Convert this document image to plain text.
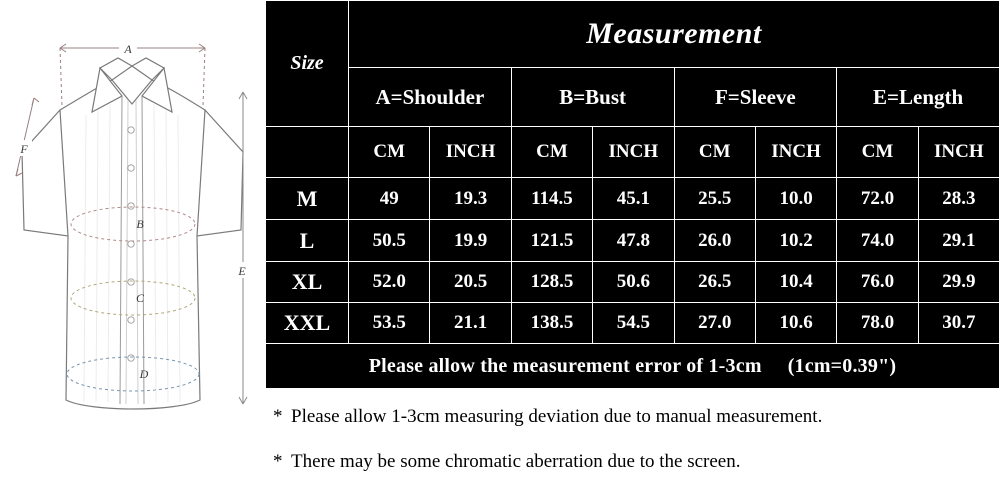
A
F
E
B
C
D
Size	Measurement							
	A=Shoulder		B=Bust		F=Sleeve		E=Length	
	CM	INCH	CM	INCH	CM	INCH	CM	INCH
M	49	19.3	114.5	45.1	25.5	10.0	72.0	28.3
L	50.5	19.9	121.5	47.8	26.0	10.2	74.0	29.1
XL	52.0	20.5	128.5	50.6	26.5	10.4	76.0	29.9
XXL	53.5	21.1	138.5	54.5	27.0	10.6	78.0	30.7
Please allow the measurement error of 1-3cm (1cm=0.39")								
* Please allow 1-3cm measuring deviation due to manual measurement.
* There may be some chromatic aberration due to the screen.
